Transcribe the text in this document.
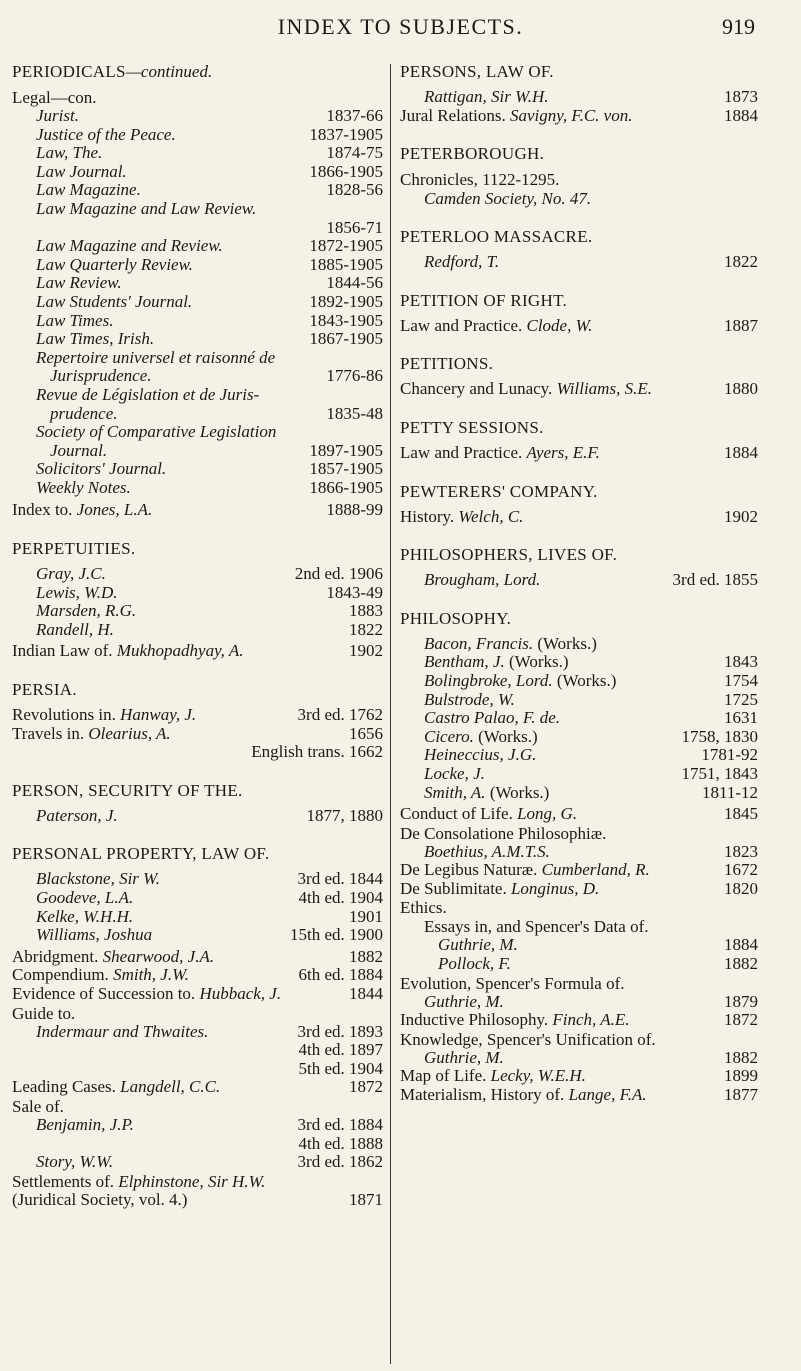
INDEX TO SUBJECTS.	919
PERIODICALS—continued.
Legal—con.
Jurist.	1837-66
Justice of the Peace.	1837-1905
Law, The.	1874-75
Law Journal.	1866-1905
Law Magazine.	1828-56
Law Magazine and Law Review.
1856-71
Law Magazine and Review.	1872-1905
Law Quarterly Review.	1885-1905
Law Review.	1844-56
Law Students' Journal.	1892-1905
Law Times.	1843-1905
Law Times, Irish.	1867-1905
Repertoire universel et raisonné de
Jurisprudence.	1776-86
Revue de Législation et de Juris-
prudence.	1835-48
Society of Comparative Legislation
Journal.	1897-1905
Solicitors' Journal.	1857-1905
Weekly Notes.	1866-1905
Index to. Jones, L.A.	1888-99
PERPETUITIES.
Gray, J.C.	2nd ed. 1906
Lewis, W.D.	1843-49
Marsden, R.G.	1883
Randell, H.	1822
Indian Law of. Mukhopadhyay, A.	1902
PERSIA.
Revolutions in. Hanway, J.	3rd ed. 1762
Travels in. Olearius, A.	1656
English trans. 1662
PERSON, SECURITY OF THE.
Paterson, J.	1877, 1880
PERSONAL PROPERTY, LAW OF.
Blackstone, Sir W.	3rd ed. 1844
Goodeve, L.A.	4th ed. 1904
Kelke, W.H.H.	1901
Williams, Joshua	15th ed. 1900
Abridgment. Shearwood, J.A.	1882
Compendium. Smith, J.W.	6th ed. 1884
Evidence of Succession to. Hubback, J.	1844
Guide to.
Indermaur and Thwaites.	3rd ed. 1893
4th ed. 1897
5th ed. 1904
Leading Cases. Langdell, C.C.	1872
Sale of.
Benjamin, J.P.	3rd ed. 1884
4th ed. 1888
Story, W.W.	3rd ed. 1862
Settlements of. Elphinstone, Sir H.W.
(Juridical Society, vol. 4.)	1871
PERSONS, LAW OF.
Rattigan, Sir W.H.	1873
Jural Relations. Savigny, F.C. von.	1884
PETERBOROUGH.
Chronicles, 1122-1295.
Camden Society, No. 47.
PETERLOO MASSACRE.
Redford, T.	1822
PETITION OF RIGHT.
Law and Practice. Clode, W.	1887
PETITIONS.
Chancery and Lunacy. Williams, S.E.	1880
PETTY SESSIONS.
Law and Practice. Ayers, E.F.	1884
PEWTERERS' COMPANY.
History. Welch, C.	1902
PHILOSOPHERS, LIVES OF.
Brougham, Lord.	3rd ed. 1855
PHILOSOPHY.
Bacon, Francis. (Works.)
Bentham, J. (Works.)	1843
Bolingbroke, Lord. (Works.)	1754
Bulstrode, W.	1725
Castro Palao, F. de.	1631
Cicero. (Works.)	1758, 1830
Heineccius, J.G.	1781-92
Locke, J.	1751, 1843
Smith, A. (Works.)	1811-12
Conduct of Life. Long, G.	1845
De Consolatione Philosophiæ.
Boethius, A.M.T.S.	1823
De Legibus Naturæ. Cumberland, R.	1672
De Sublimitate. Longinus, D.	1820
Ethics.
Essays in, and Spencer's Data of.
Guthrie, M.	1884
Pollock, F.	1882
Evolution, Spencer's Formula of.
Guthrie, M.	1879
Inductive Philosophy. Finch, A.E.	1872
Knowledge, Spencer's Unification of.
Guthrie, M.	1882
Map of Life. Lecky, W.E.H.	1899
Materialism, History of. Lange, F.A.	1877
